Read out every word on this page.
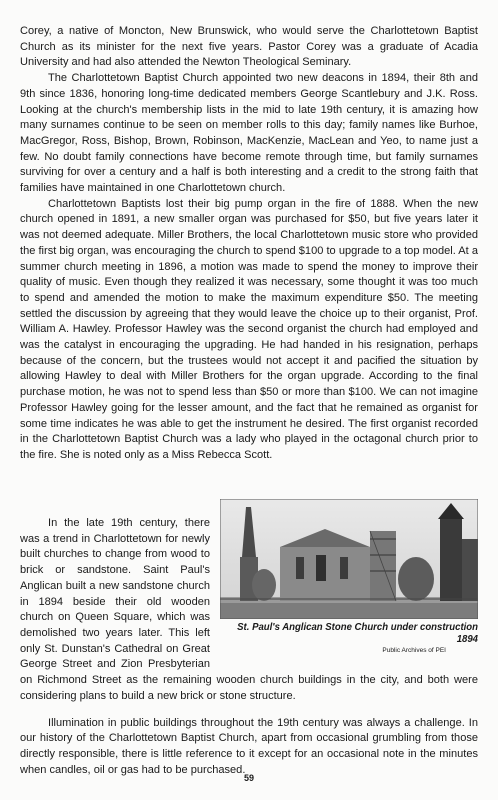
Corey, a native of Moncton, New Brunswick, who would serve the Charlottetown Baptist Church as its minister for the next five years. Pastor Corey was a graduate of Acadia University and had also attended the Newton Theological Seminary.

The Charlottetown Baptist Church appointed two new deacons in 1894, their 8th and 9th since 1836, honoring long-time dedicated members George Scantlebury and J.K. Ross. Looking at the church's membership lists in the mid to late 19th century, it is amazing how many surnames continue to be seen on member rolls to this day; family names like Burhoe, MacGregor, Ross, Bishop, Brown, Robinson, MacKenzie, MacLean and Yeo, to name just a few. No doubt family connections have become remote through time, but family surnames surviving for over a century and a half is both interesting and a credit to the strong faith that families have maintained in one Charlottetown church.

Charlottetown Baptists lost their big pump organ in the fire of 1888. When the new church opened in 1891, a new smaller organ was purchased for $50, but five years later it was not deemed adequate. Miller Brothers, the local Charlottetown music store who provided the first big organ, was encouraging the church to spend $100 to upgrade to a top model. At a summer church meeting in 1896, a motion was made to spend the money to improve their quality of music. Even though they realized it was necessary, some thought it was too much to spend and amended the motion to make the maximum expenditure $50. The meeting settled the discussion by agreeing that they would leave the choice up to their organist, Prof. William A. Hawley. Professor Hawley was the second organist the church had employed and was the catalyst in encouraging the upgrading. He had handed in his resignation, perhaps because of the concern, but the trustees would not accept it and pacified the situation by allowing Hawley to deal with Miller Brothers for the organ upgrade. According to the final purchase motion, he was not to spend less than $50 or more than $100. We can not imagine Professor Hawley going for the lesser amount, and the fact that he remained as organist for some time indicates he was able to get the instrument he desired. The first organist recorded in the Charlottetown Baptist Church was a lady who played in the octagonal church prior to the fire. She is noted only as a Miss Rebecca Scott.

St. Paul's Anglican Stone Church under construction 1894
Public Archives of PEI

In the late 19th century, there was a trend in Charlottetown for newly built churches to change from wood to brick or sandstone. Saint Paul's Anglican built a new sandstone church in 1894 beside their old wooden church on Queen Square, which was demolished two years later. This left only St. Dunstan's Cathedral on Great George Street and Zion Presbyterian on Richmond Street as the remaining wooden church buildings in the city, and both were considering plans to build a new brick or stone structure.

Illumination in public buildings throughout the 19th century was always a challenge. In our history of the Charlottetown Baptist Church, apart from occasional grumbling from those directly responsible, there is little reference to it except for an occasional note in the minutes when candles, oil or gas had to be purchased.

59
